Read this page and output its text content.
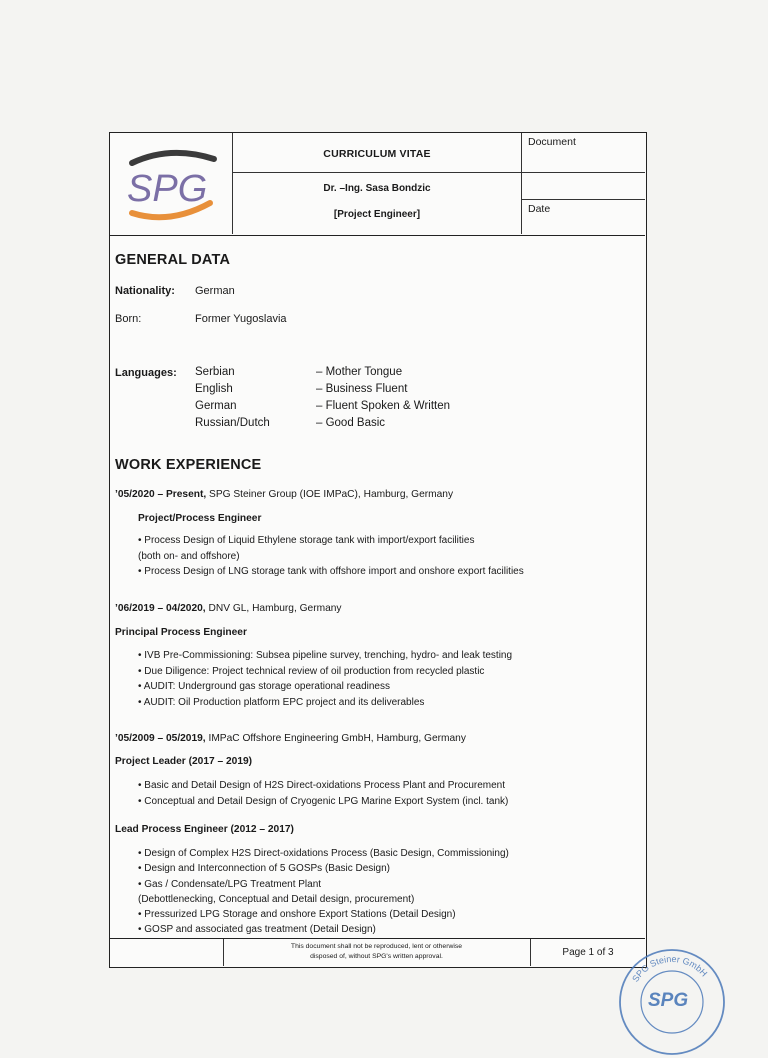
SPG
CURRICULUM VITAE
Dr. –Ing. Sasa Bondzic
[Project Engineer]
Document
Date
GENERAL DATA
Nationality: German
Born:	Former Yugoslavia
Languages: Serbian
English
German
Russian/Dutch
– Mother Tongue
– Business Fluent
– Fluent Spoken & Written
– Good Basic
WORK EXPERIENCE
’05/2020 – Present, SPG Steiner Group (IOE IMPaC), Hamburg, Germany
Project/Process Engineer
• Process Design of Liquid Ethylene storage tank with import/export facilities
(both on- and offshore)
• Process Design of LNG storage tank with offshore import and onshore export facilities
’06/2019 – 04/2020, DNV GL, Hamburg, Germany
Principal Process Engineer
• IVB Pre-Commissioning: Subsea pipeline survey, trenching, hydro- and leak testing
• Due Diligence: Project technical review of oil production from recycled plastic
• AUDIT: Underground gas storage operational readiness
• AUDIT: Oil Production platform EPC project and its deliverables
’05/2009 – 05/2019, IMPaC Offshore Engineering GmbH, Hamburg, Germany
Project Leader (2017 – 2019)
• Basic and Detail Design of H2S Direct-oxidations Process Plant and Procurement
• Conceptual and Detail Design of Cryogenic LPG Marine Export System (incl. tank)
Lead Process Engineer (2012 – 2017)
• Design of Complex H2S Direct-oxidations Process (Basic Design, Commissioning)
• Design and Interconnection of 5 GOSPs (Basic Design)
• Gas / Condensate/LPG Treatment Plant
(Debottlenecking, Conceptual and Detail design, procurement)
• Pressurized LPG Storage and onshore Export Stations (Detail Design)
• GOSP and associated gas treatment (Detail Design)
This document shall not be reproduced, lent or otherwise
disposed of, without SPG's written approval.	Page 1 of 3
SPG Steiner GmbH
SPG
